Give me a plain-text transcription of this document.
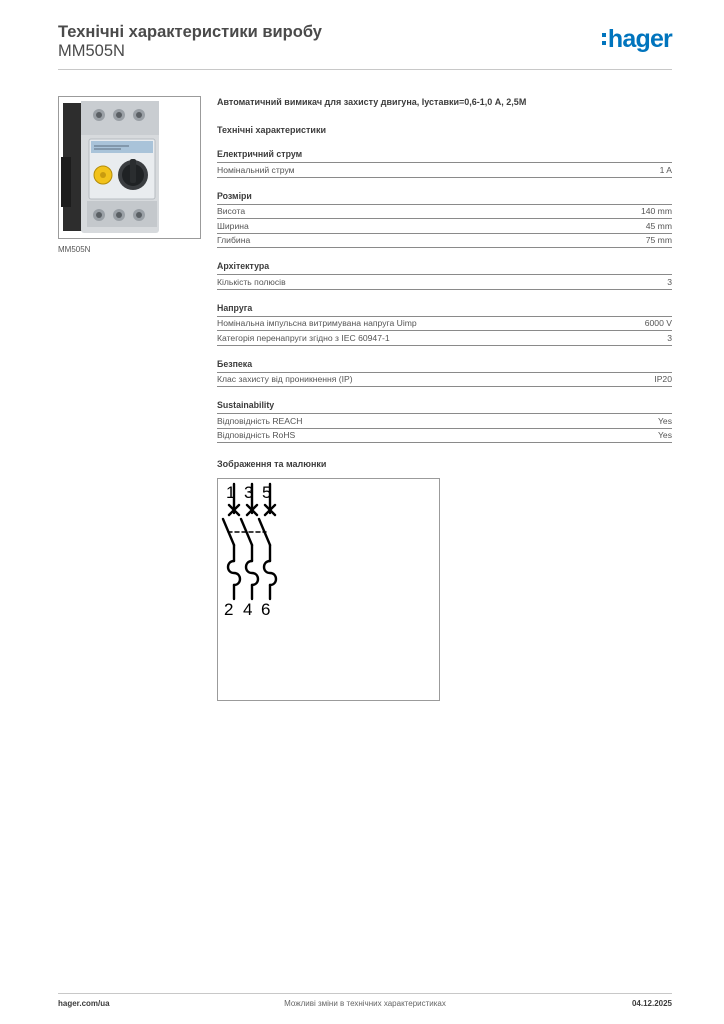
Технічні характеристики виробу
MM505N	hager
MM505N
Автоматичний вимикач для захисту двигуна, Іуставки=0,6-1,0 А, 2,5М
Технічні характеристики
Електричний струм
Номінальний струм	1 A
Розміри
Висота	140 mm
Ширина	45 mm
Глибина	75 mm
Архітектура
Кількість полюсів	3
Напруга
Номінальна імпульсна витримувана напруга Uimp	6000 V
Категорія перенапруги згідно з IEC 60947-1	3
Безпека
Клас захисту від проникнення (IP)	IP20
Sustainability
Відповідність REACH	Yes
Відповідність RoHS	Yes
Зображення та малюнки
1 3 5
2 4 6
hager.com/ua	Можливі зміни в технічних характеристиках	04.12.2025
